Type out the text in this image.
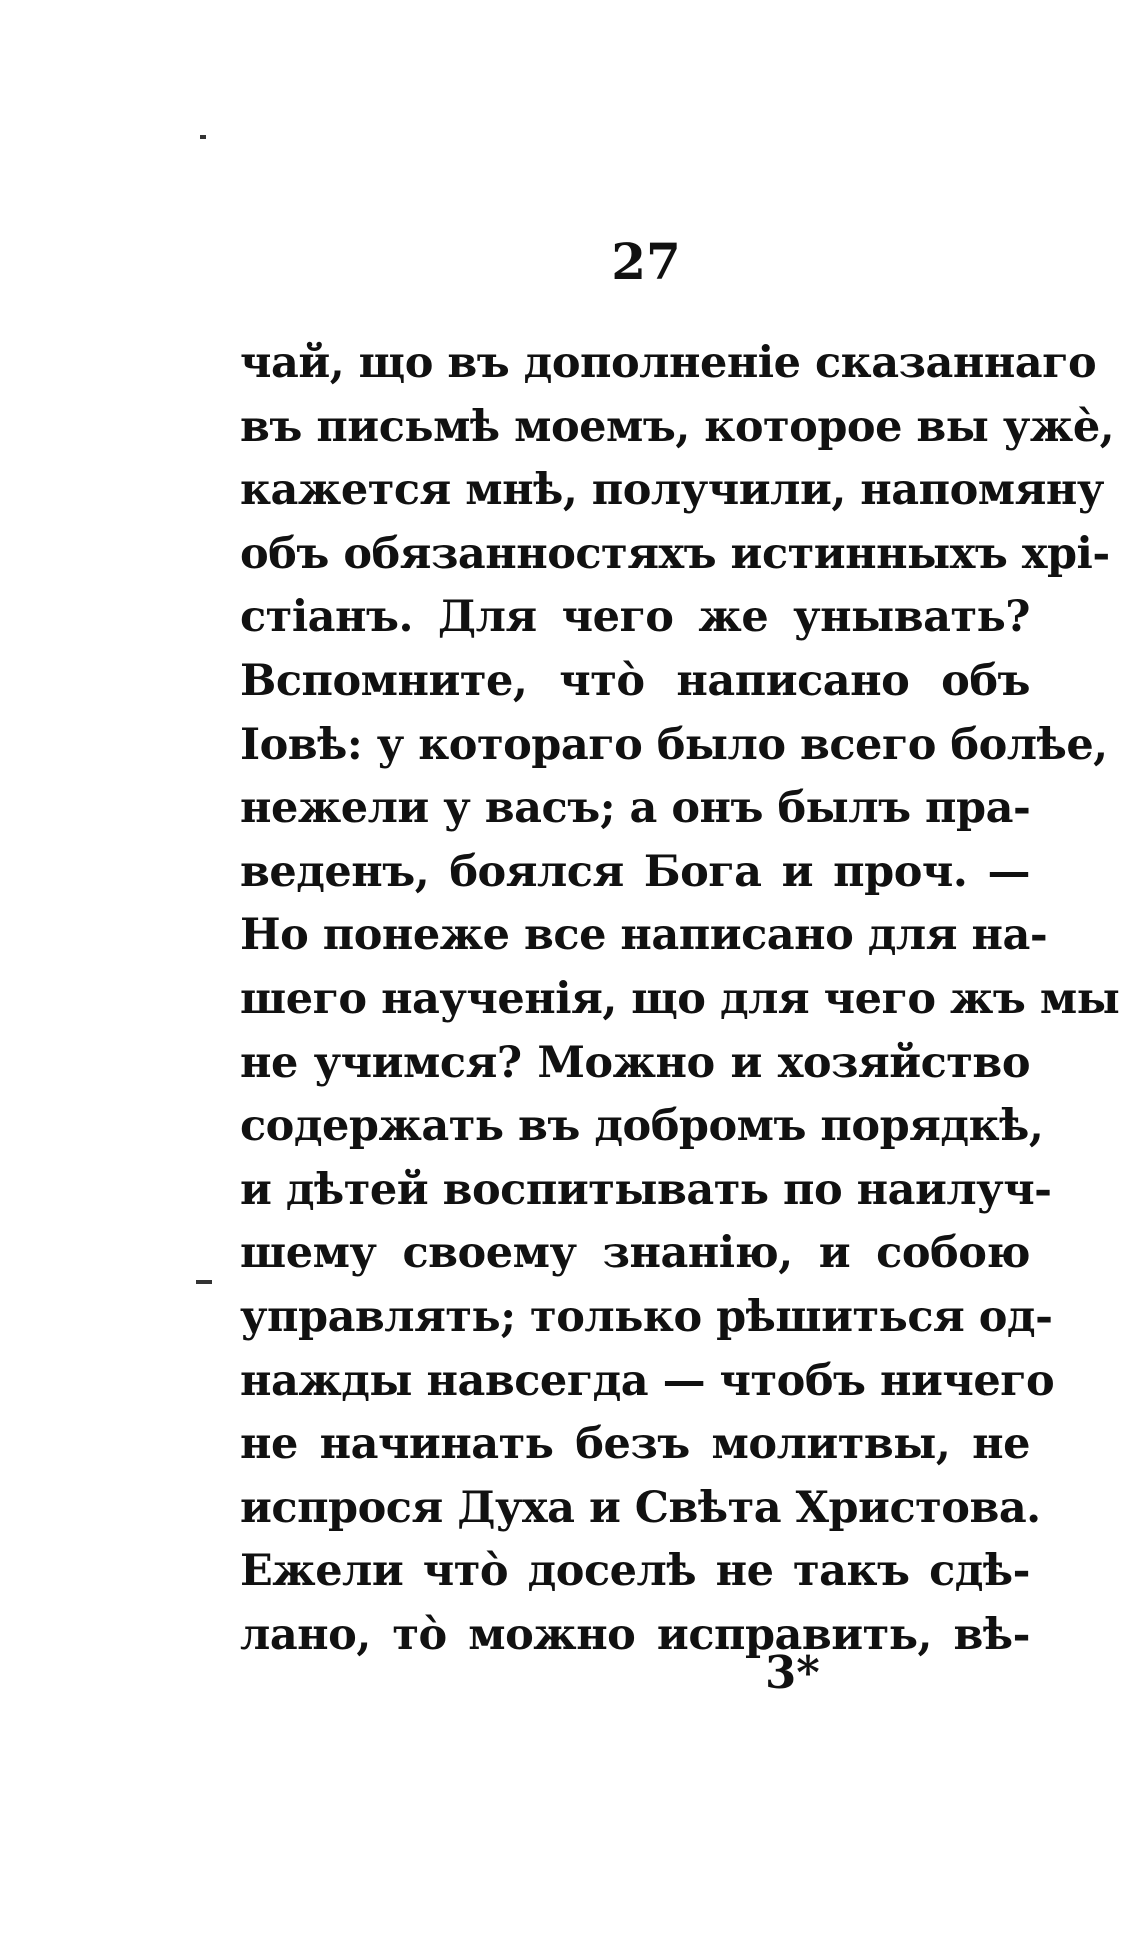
27
чай, що въ дополненіе сказаннаго
въ письмѣ моемъ, которое вы ужè,
кажется мнѣ, получили, напомяну
объ обязанностяхъ истинныхъ хрі-
стіанъ. Для чего же унывать?
Вспомните, что̀ написано объ
Іовѣ: у котораго было всего болѣе,
нежели у васъ; а онъ былъ пра-
веденъ, боялся Бога и проч. —
Но понеже все написано для на-
шего наученія, що для чего жъ мы
не учимся? Можно и хозяйство
содержать въ добромъ порядкѣ,
и дѣтей воспитывать по наилуч-
шему своему знанію, и собою
управлять; только рѣшиться од-
нажды навсегда — чтобъ ничего
не начинать безъ молитвы, не
испрося Духа и Свѣта Христова.
Ежели что̀ доселѣ не такъ сдѣ-
лано, то̀ можно исправить, вѣ-
3*
